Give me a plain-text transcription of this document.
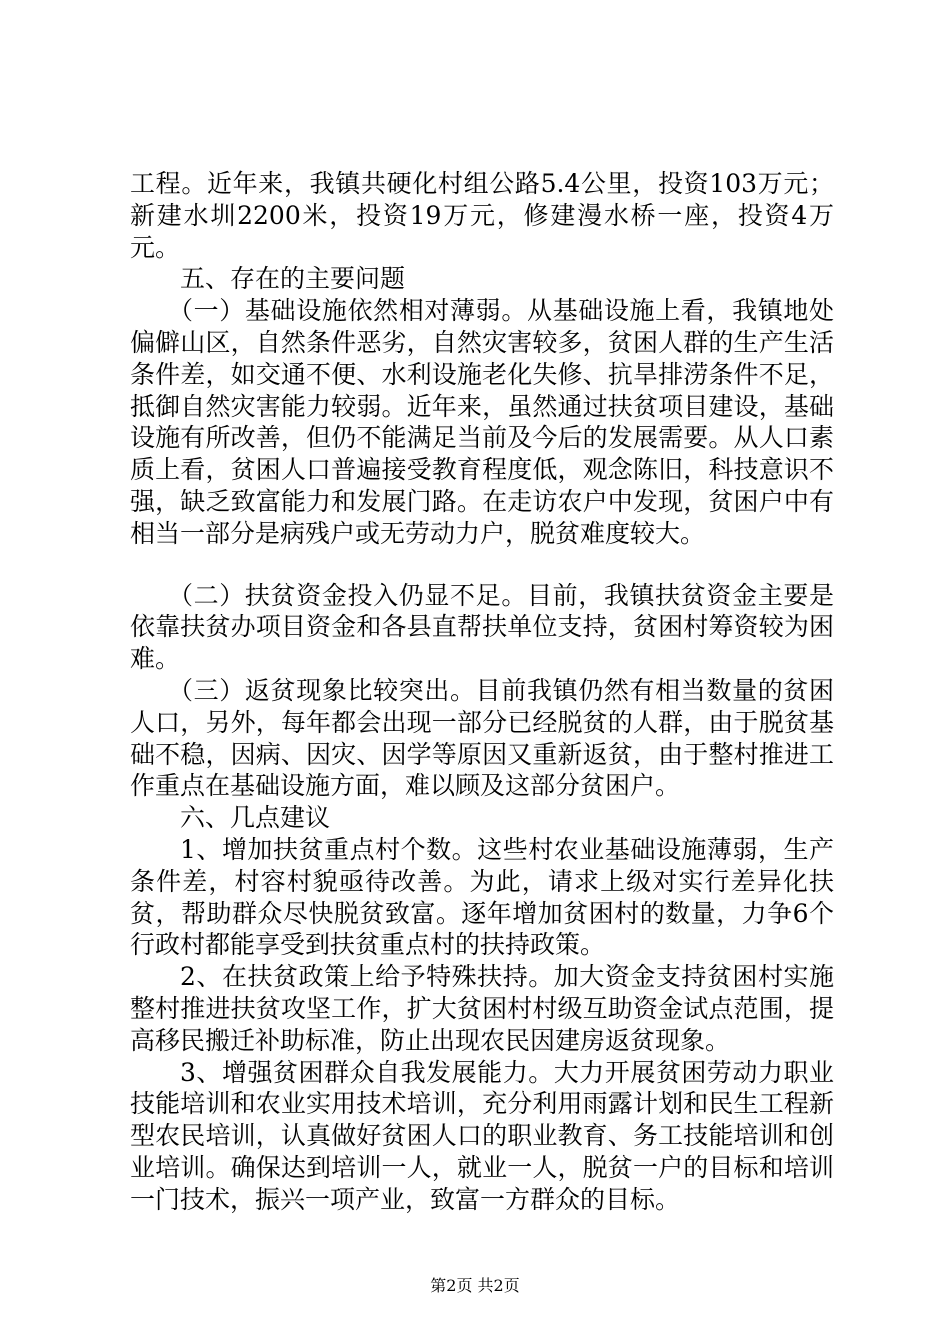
工程。近年来，我镇共硬化村组公路5.4公里，投资103万元；新建水圳2200米，投资19万元，修建漫水桥一座，投资4万元。

五、存在的主要问题

（一）基础设施依然相对薄弱。从基础设施上看，我镇地处偏僻山区，自然条件恶劣，自然灾害较多，贫困人群的生产生活条件差，如交通不便、水利设施老化失修、抗旱排涝条件不足，抵御自然灾害能力较弱。近年来，虽然通过扶贫项目建设，基础设施有所改善，但仍不能满足当前及今后的发展需要。从人口素质上看，贫困人口普遍接受教育程度低，观念陈旧，科技意识不强，缺乏致富能力和发展门路。在走访农户中发现，贫困户中有相当一部分是病残户或无劳动力户，脱贫难度较大。

（二）扶贫资金投入仍显不足。目前，我镇扶贫资金主要是依靠扶贫办项目资金和各县直帮扶单位支持，贫困村筹资较为困难。

（三）返贫现象比较突出。目前我镇仍然有相当数量的贫困人口，另外，每年都会出现一部分已经脱贫的人群，由于脱贫基础不稳，因病、因灾、因学等原因又重新返贫，由于整村推进工作重点在基础设施方面，难以顾及这部分贫困户。

六、几点建议

1、增加扶贫重点村个数。这些村农业基础设施薄弱，生产条件差，村容村貌亟待改善。为此，请求上级对实行差异化扶贫，帮助群众尽快脱贫致富。逐年增加贫困村的数量，力争6个行政村都能享受到扶贫重点村的扶持政策。

2、在扶贫政策上给予特殊扶持。加大资金支持贫困村实施整村推进扶贫攻坚工作，扩大贫困村村级互助资金试点范围，提高移民搬迁补助标准，防止出现农民因建房返贫现象。

3、增强贫困群众自我发展能力。大力开展贫困劳动力职业技能培训和农业实用技术培训，充分利用雨露计划和民生工程新型农民培训，认真做好贫困人口的职业教育、务工技能培训和创业培训。确保达到培训一人，就业一人，脱贫一户的目标和培训一门技术，振兴一项产业，致富一方群众的目标。

第2页 共2页
